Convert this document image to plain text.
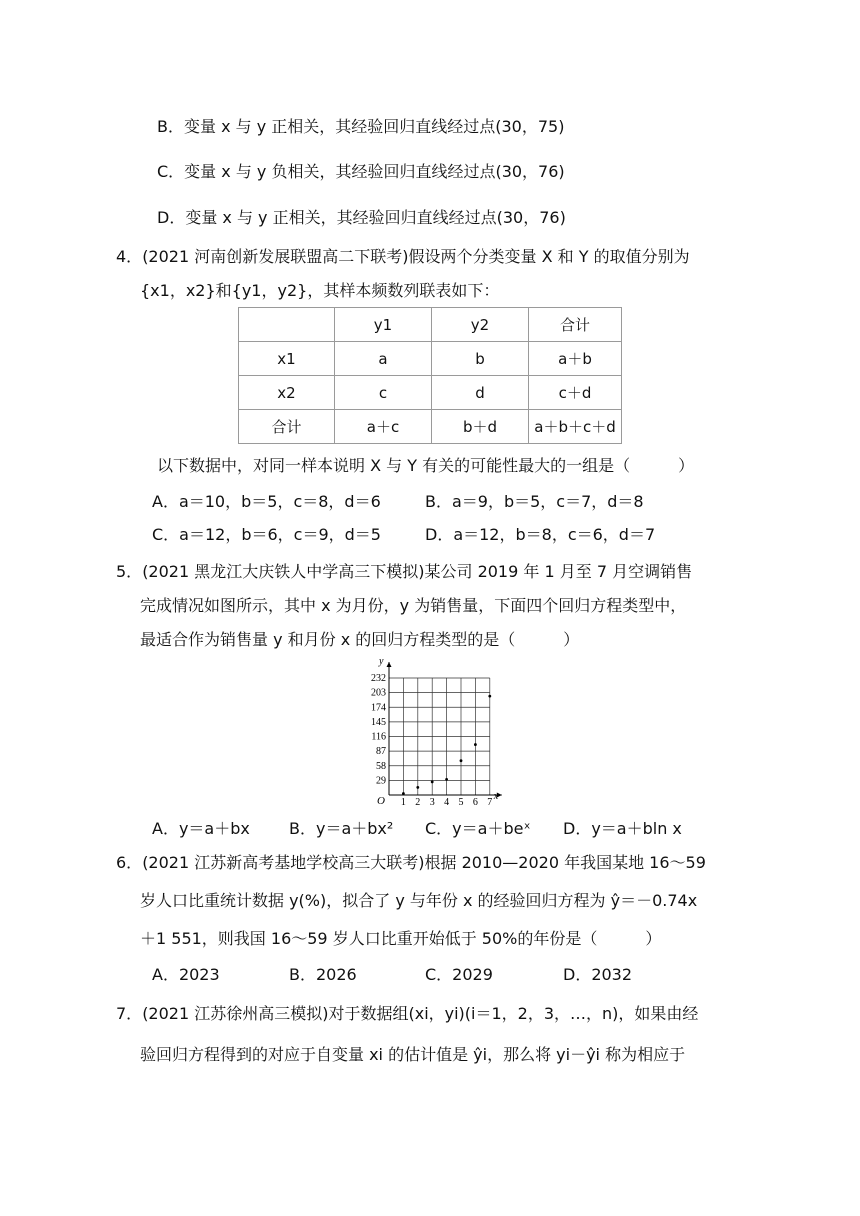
B．变量 x 与 y 正相关，其经验回归直线经过点(30，75)
C．变量 x 与 y 负相关，其经验回归直线经过点(30，76)
D．变量 x 与 y 正相关，其经验回归直线经过点(30，76)
4．(2021 河南创新发展联盟高二下联考)假设两个分类变量 X 和 Y 的取值分别为
{x1，x2}和{y1，y2}，其样本频数列联表如下：
	y1	y2	合计
x1	a	b	a＋b
x2	c	d	c＋d
合计	a＋c	b＋d	a＋b＋c＋d
以下数据中，对同一样本说明 X 与 Y 有关的可能性最大的一组是（　　　）
A．a＝10，b＝5，c＝8，d＝6	B．a＝9，b＝5，c＝7，d＝8
C．a＝12，b＝6，c＝9，d＝5	D．a＝12，b＝8，c＝6，d＝7
5．(2021 黑龙江大庆铁人中学高三下模拟)某公司 2019 年 1 月至 7 月空调销售
完成情况如图所示，其中 x 为月份，y 为销售量，下面四个回归方程类型中，
最适合作为销售量 y 和月份 x 的回归方程类型的是（　　　）
x
y
O 1 2 3 4 5 6 7
29
58
87
116
145
174
203
232
A．y＝a＋bx B．y＝a＋bx² C．y＝a＋beˣ D．y＝a＋bln x
6．(2021 江苏新高考基地学校高三大联考)根据 2010—2020 年我国某地 16～59
岁人口比重统计数据 y(%)，拟合了 y 与年份 x 的经验回归方程为 ŷ＝－0.74x
＋1 551，则我国 16～59 岁人口比重开始低于 50%的年份是（　　　）
A．2023	B．2026	C．2029	D．2032
7．(2021 江苏徐州高三模拟)对于数据组(xi，yi)(i＝1，2，3，…，n)，如果由经
验回归方程得到的对应于自变量 xi 的估计值是 ŷi，那么将 yi－ŷi 称为相应于
